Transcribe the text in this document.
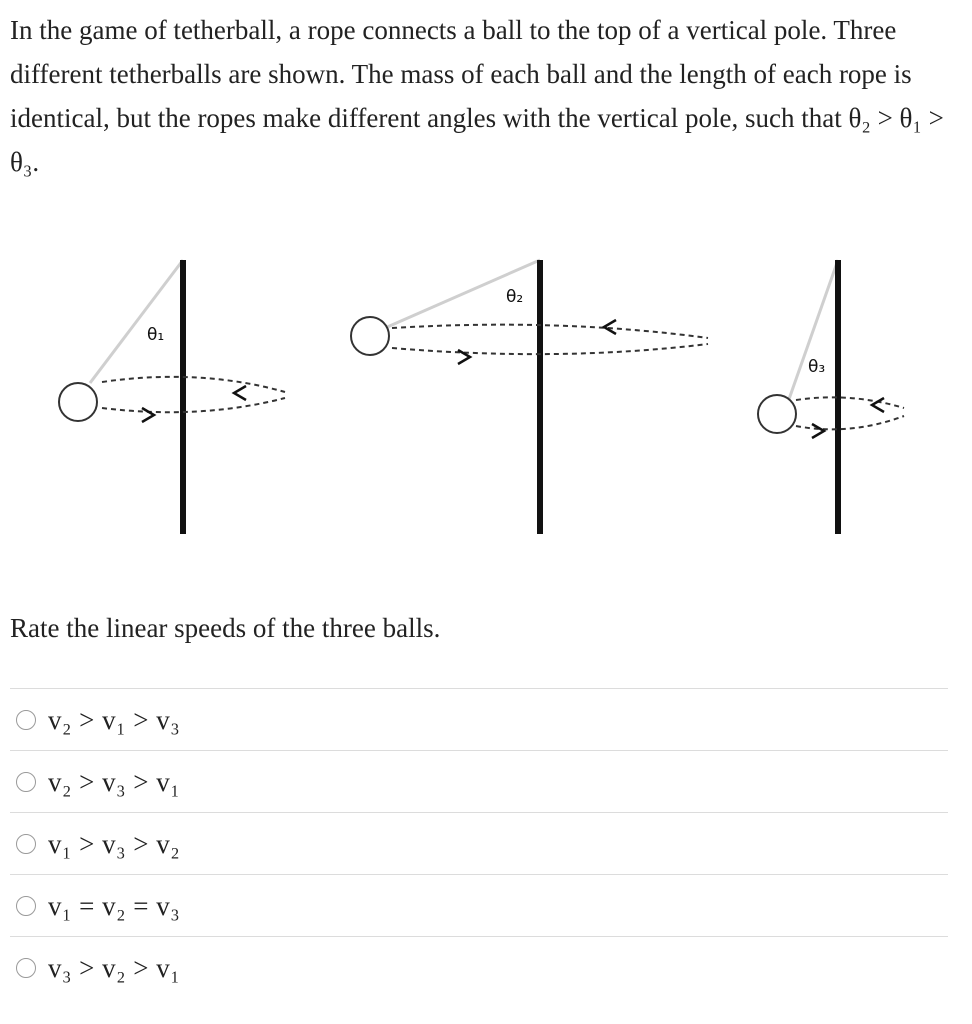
In the game of tetherball, a rope connects a ball to the top of a vertical pole. Three different tetherballs are shown. The mass of each ball and the length of each rope is identical, but the ropes make different angles with the vertical pole, such that θ₂ > θ₁ > θ₃.

θ₁
θ₂
θ₃

Rate the linear speeds of the three balls.

v₂ > v₁ > v₃
v₂ > v₃ > v₁
v₁ > v₃ > v₂
v₁ = v₂ = v₃
v₃ > v₂ > v₁
